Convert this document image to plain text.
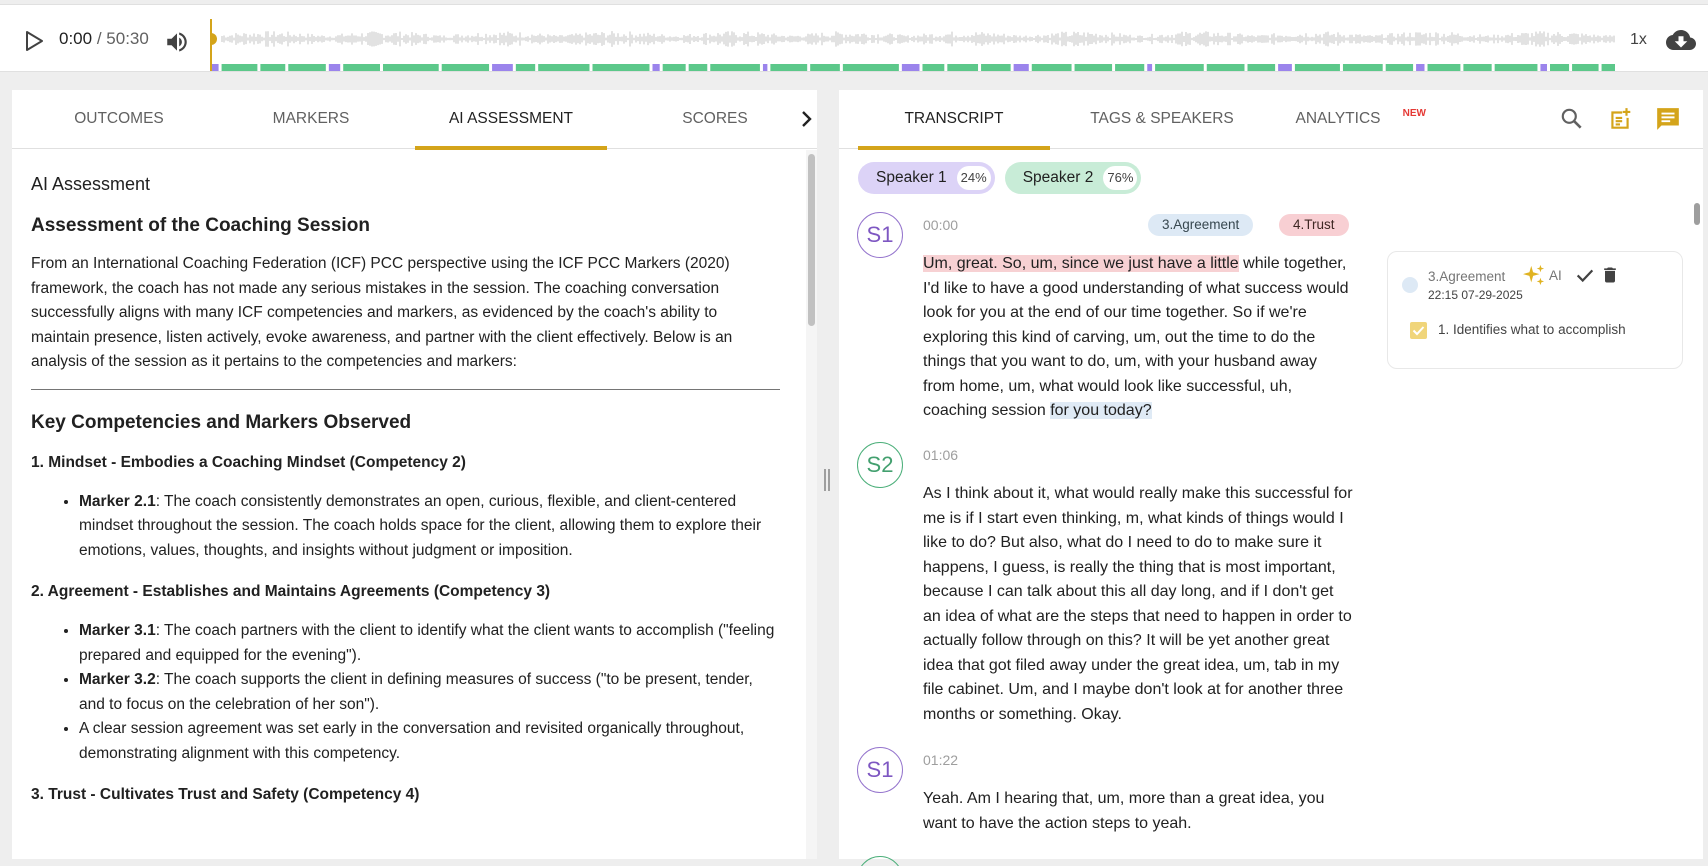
0:00 / 50:30	1x
OUTCOMES	MARKERS	AI ASSESSMENT	SCORES
AI Assessment
Assessment of the Coaching Session

From an International Coaching Federation (ICF) PCC perspective using the ICF PCC Markers (2020) framework, the coach has not made any serious mistakes in the session. The coaching conversation successfully aligns with many ICF competencies and markers, as evidenced by the coach's ability to maintain presence, listen actively, evoke awareness, and partner with the client effectively. Below is an analysis of the session as it pertains to the competencies and markers:

Key Competencies and Markers Observed
1. Mindset - Embodies a Coaching Mindset (Competency 2)
• Marker 2.1: The coach consistently demonstrates an open, curious, flexible, and client-centered mindset throughout the session. The coach holds space for the client, allowing them to explore their emotions, values, thoughts, and insights without judgment or imposition.
2. Agreement - Establishes and Maintains Agreements (Competency 3)
• Marker 3.1: The coach partners with the client to identify what the client wants to accomplish ("feeling prepared and equipped for the evening").
• Marker 3.2: The coach supports the client in defining measures of success ("to be present, tender, and to focus on the celebration of her son").
• A clear session agreement was set early in the conversation and revisited organically throughout, demonstrating alignment with this competency.
3. Trust - Cultivates Trust and Safety (Competency 4)
TRANSCRIPT	TAGS & SPEAKERS	ANALYTICS NEW
Speaker 1	24% Speaker 2	76%
S1	00:00	3.Agreement	4.Trust
Um, great. So, um, since we just have a little while together, I'd like to have a good understanding of what success would look for you at the end of our time together. So if we're exploring this kind of carving, um, out the time to do the things that you want to do, um, with your husband away from home, um, what would look like successful, uh, coaching session for you today?
S2	01:06
As I think about it, what would really make this successful for me is if I start even thinking, m, what kinds of things would I like to do? But also, what do I need to do to make sure it happens, I guess, is really the thing that is most important, because I can talk about this all day long, and if I don't get an idea of what are the steps that need to happen in order to actually follow through on this? It will be yet another great idea that got filed away under the great idea, um, tab in my file cabinet. Um, and I maybe don't look at for another three months or something. Okay.
S1	01:22
Yeah. Am I hearing that, um, more than a great idea, you want to have the action steps to yeah.
3.Agreement	AI
22:15 07-29-2025
1. Identifies what to accomplish
